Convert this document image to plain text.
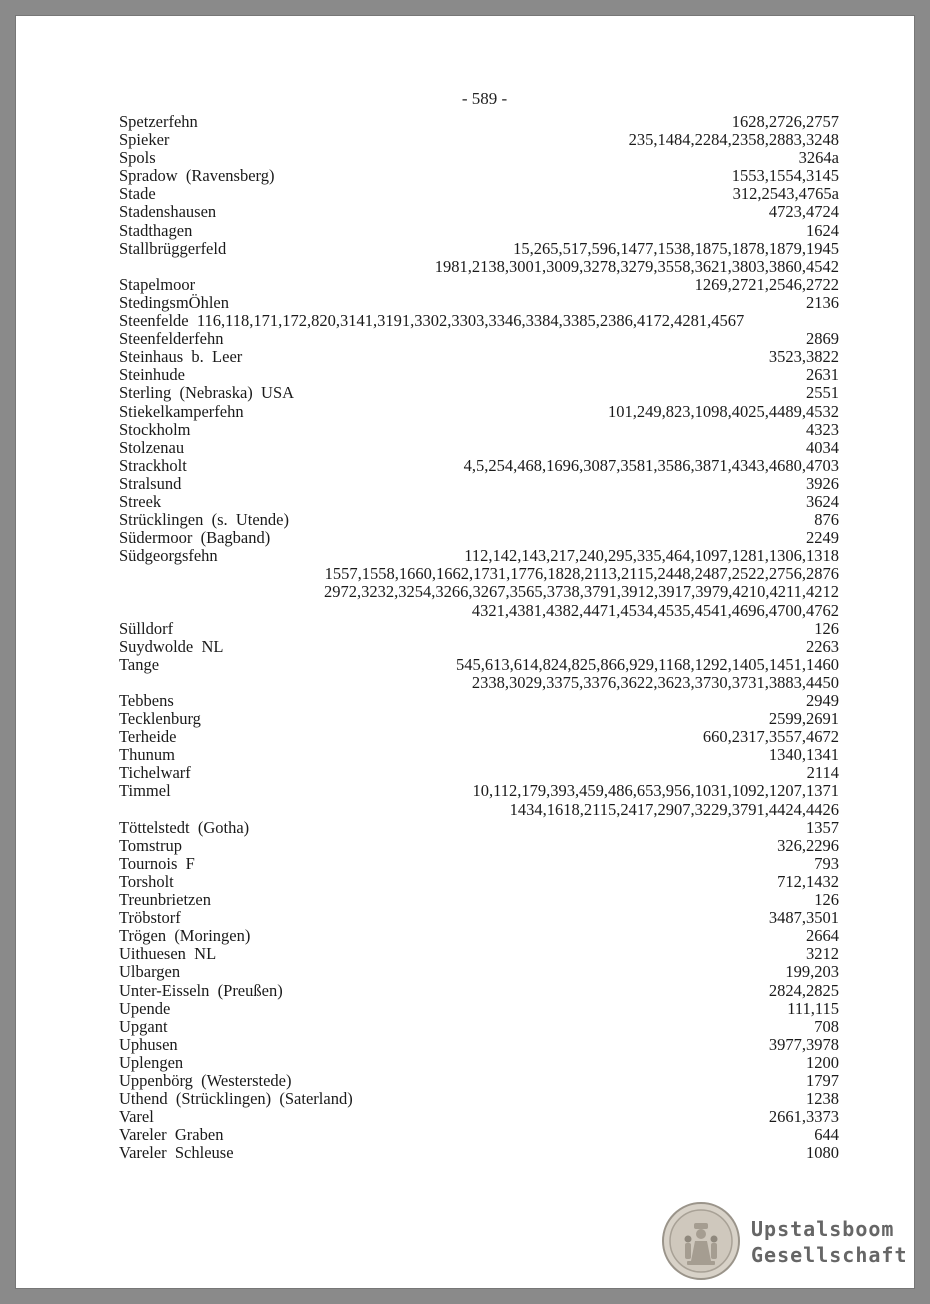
- 589 -
Spetzerfehn	1628,2726,2757
Spieker	235,1484,2284,2358,2883,3248
Spols	3264a
Spradow  (Ravensberg)	1553,1554,3145
Stade	312,2543,4765a
Stadenshausen	4723,4724
Stadthagen	1624
Stallbrüggerfeld	15,265,517,596,1477,1538,1875,1878,1879,1945
1981,2138,3001,3009,3278,3279,3558,3621,3803,3860,4542
Stapelmoor	1269,2721,2546,2722
StedingsmÖhlen	2136
Steenfelde  116,118,171,172,820,3141,3191,3302,3303,3346,3384,3385,2386,4172,4281,4567
Steenfelderfehn	2869
Steinhaus  b.  Leer	3523,3822
Steinhude	2631
Sterling  (Nebraska)  USA	2551
Stiekelkamperfehn	101,249,823,1098,4025,4489,4532
Stockholm	4323
Stolzenau	4034
Strackholt	4,5,254,468,1696,3087,3581,3586,3871,4343,4680,4703
Stralsund	3926
Streek	3624
Strücklingen  (s.  Utende)	876
Südermoor  (Bagband)	2249
Südgeorgsfehn	112,142,143,217,240,295,335,464,1097,1281,1306,1318
1557,1558,1660,1662,1731,1776,1828,2113,2115,2448,2487,2522,2756,2876
2972,3232,3254,3266,3267,3565,3738,3791,3912,3917,3979,4210,4211,4212
4321,4381,4382,4471,4534,4535,4541,4696,4700,4762
Sülldorf	126
Suydwolde  NL	2263
Tange	545,613,614,824,825,866,929,1168,1292,1405,1451,1460
2338,3029,3375,3376,3622,3623,3730,3731,3883,4450
Tebbens	2949
Tecklenburg	2599,2691
Terheide	660,2317,3557,4672
Thunum	1340,1341
Tichelwarf	2114
Timmel	10,112,179,393,459,486,653,956,1031,1092,1207,1371
1434,1618,2115,2417,2907,3229,3791,4424,4426
Töttelstedt  (Gotha)	1357
Tomstrup	326,2296
Tournois  F	793
Torsholt	712,1432
Treunbrietzen	126
Tröbstorf	3487,3501
Trögen  (Moringen)	2664
Uithuesen  NL	3212
Ulbargen	199,203
Unter-Eisseln  (Preußen)	2824,2825
Upende	111,115
Upgant	708
Uphusen	3977,3978
Uplengen	1200
Uppenbörg  (Westerstede)	1797
Uthend  (Strücklingen)  (Saterland)	1238
Varel	2661,3373
Vareler  Graben	644
Vareler  Schleuse	1080
Upstalsboom
Gesellschaft
